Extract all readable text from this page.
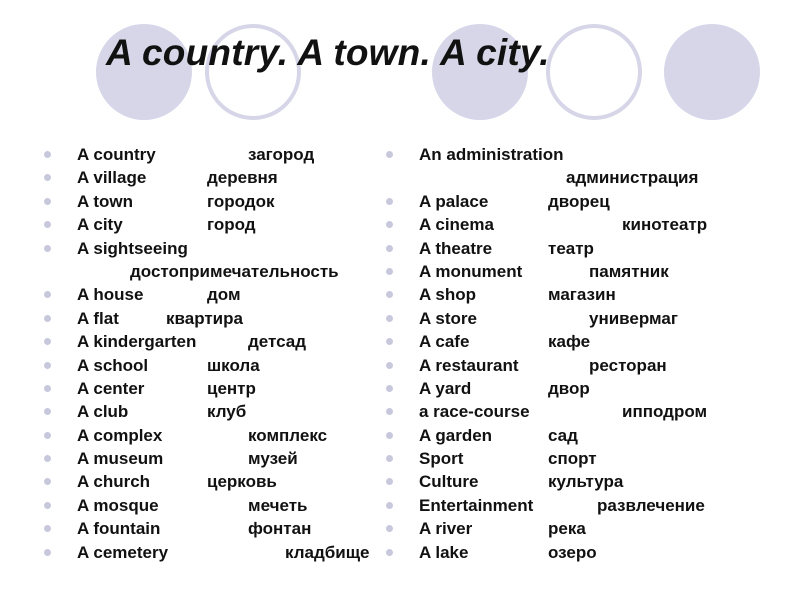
A country. A town. A city.
A country	загород
A village	деревня
A town	городок
A city	город
A sightseeing
достопримечательность
A house	дом
A flat	квартира
A kindergarten	детсад
A school	школа
A center	центр
A club	клуб
A complex	комплекс
A museum	музей
A church	церковь
A mosque	мечеть
A fountain	фонтан
A cemetery	кладбище
An administration
администрация
A palace	дворец
A cinema	кинотеатр
A theatre	театр
A monument	памятник
A shop	магазин
A store	универмаг
A cafe	кафе
A restaurant	ресторан
A yard	двор
a race-course	ипподром
A garden	сад
Sport	спорт
Culture	культура
Entertainment	развлечение
A river	река
A lake	озеро
